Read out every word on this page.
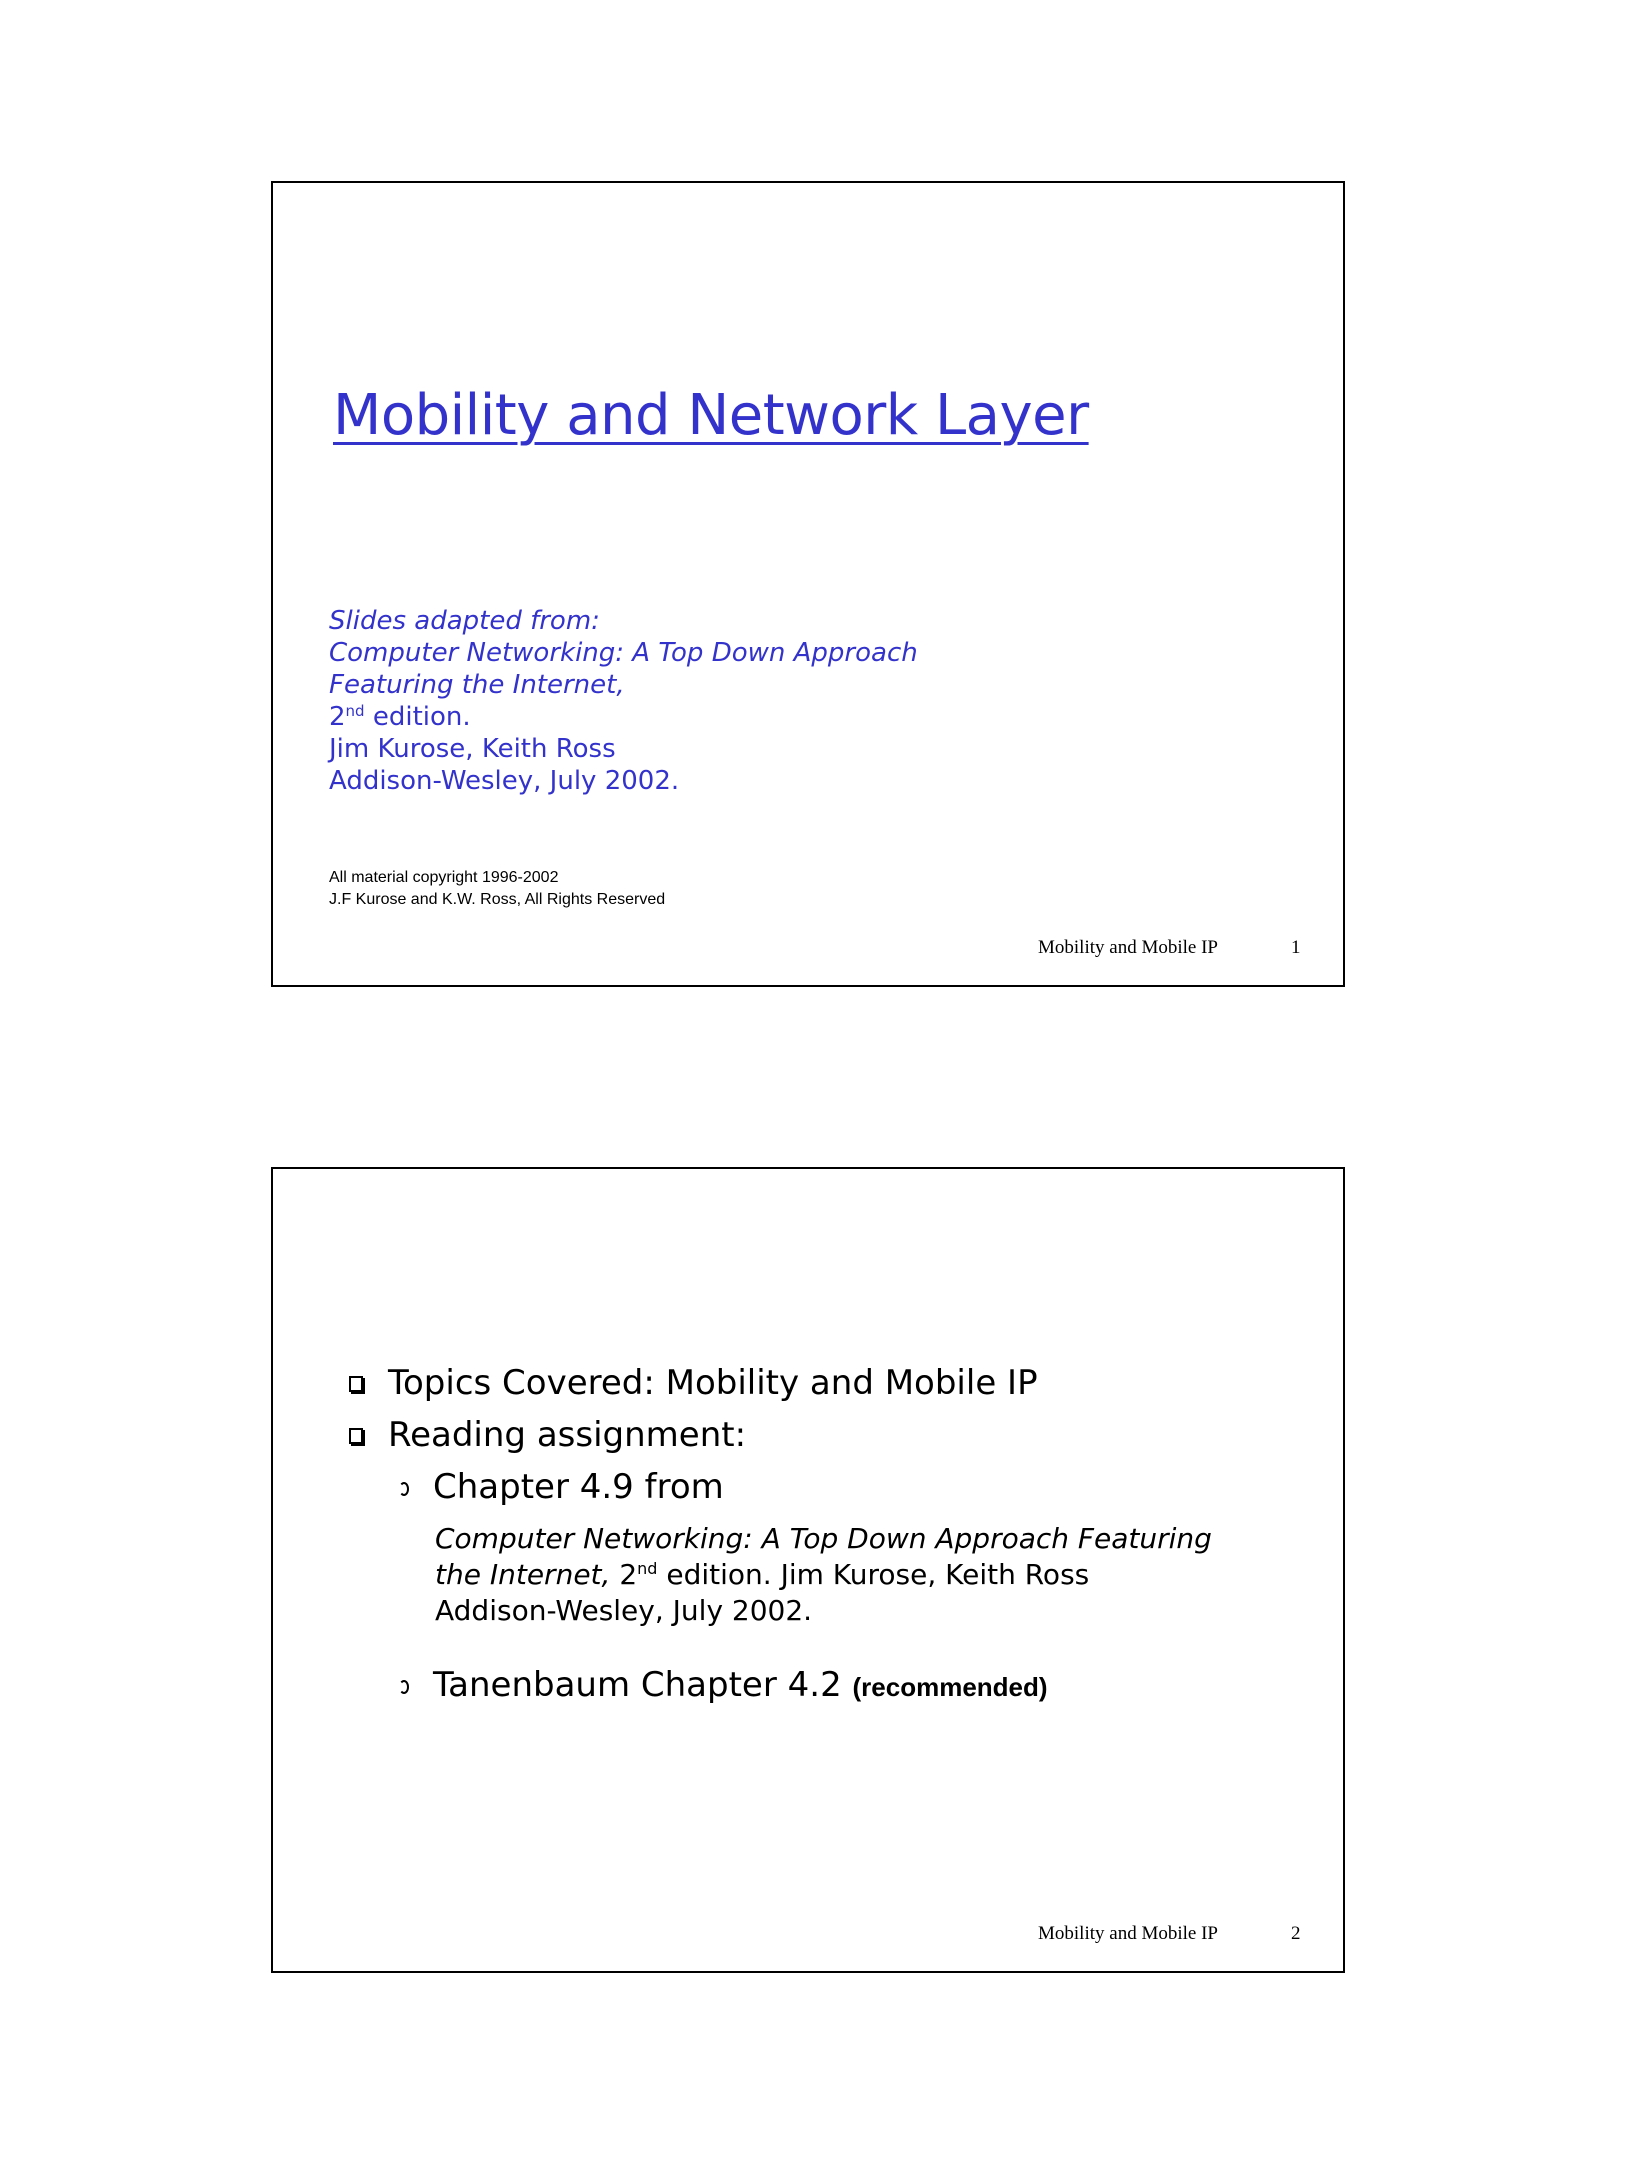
Mobility and Network Layer
Slides adapted from:
Computer Networking: A Top Down Approach
Featuring the Internet,
2nd edition.
Jim Kurose, Keith Ross
Addison-Wesley, July 2002.
All material copyright 1996-2002
J.F Kurose and K.W. Ross, All Rights Reserved
Mobility and Mobile IP	1
Topics Covered: Mobility and Mobile IP
Reading assignment:
Chapter 4.9 from
Computer Networking: A Top Down Approach Featuring
the Internet, 2nd edition. Jim Kurose, Keith Ross
Addison-Wesley, July 2002.
Tanenbaum Chapter 4.2 (recommended)
Mobility and Mobile IP	2
